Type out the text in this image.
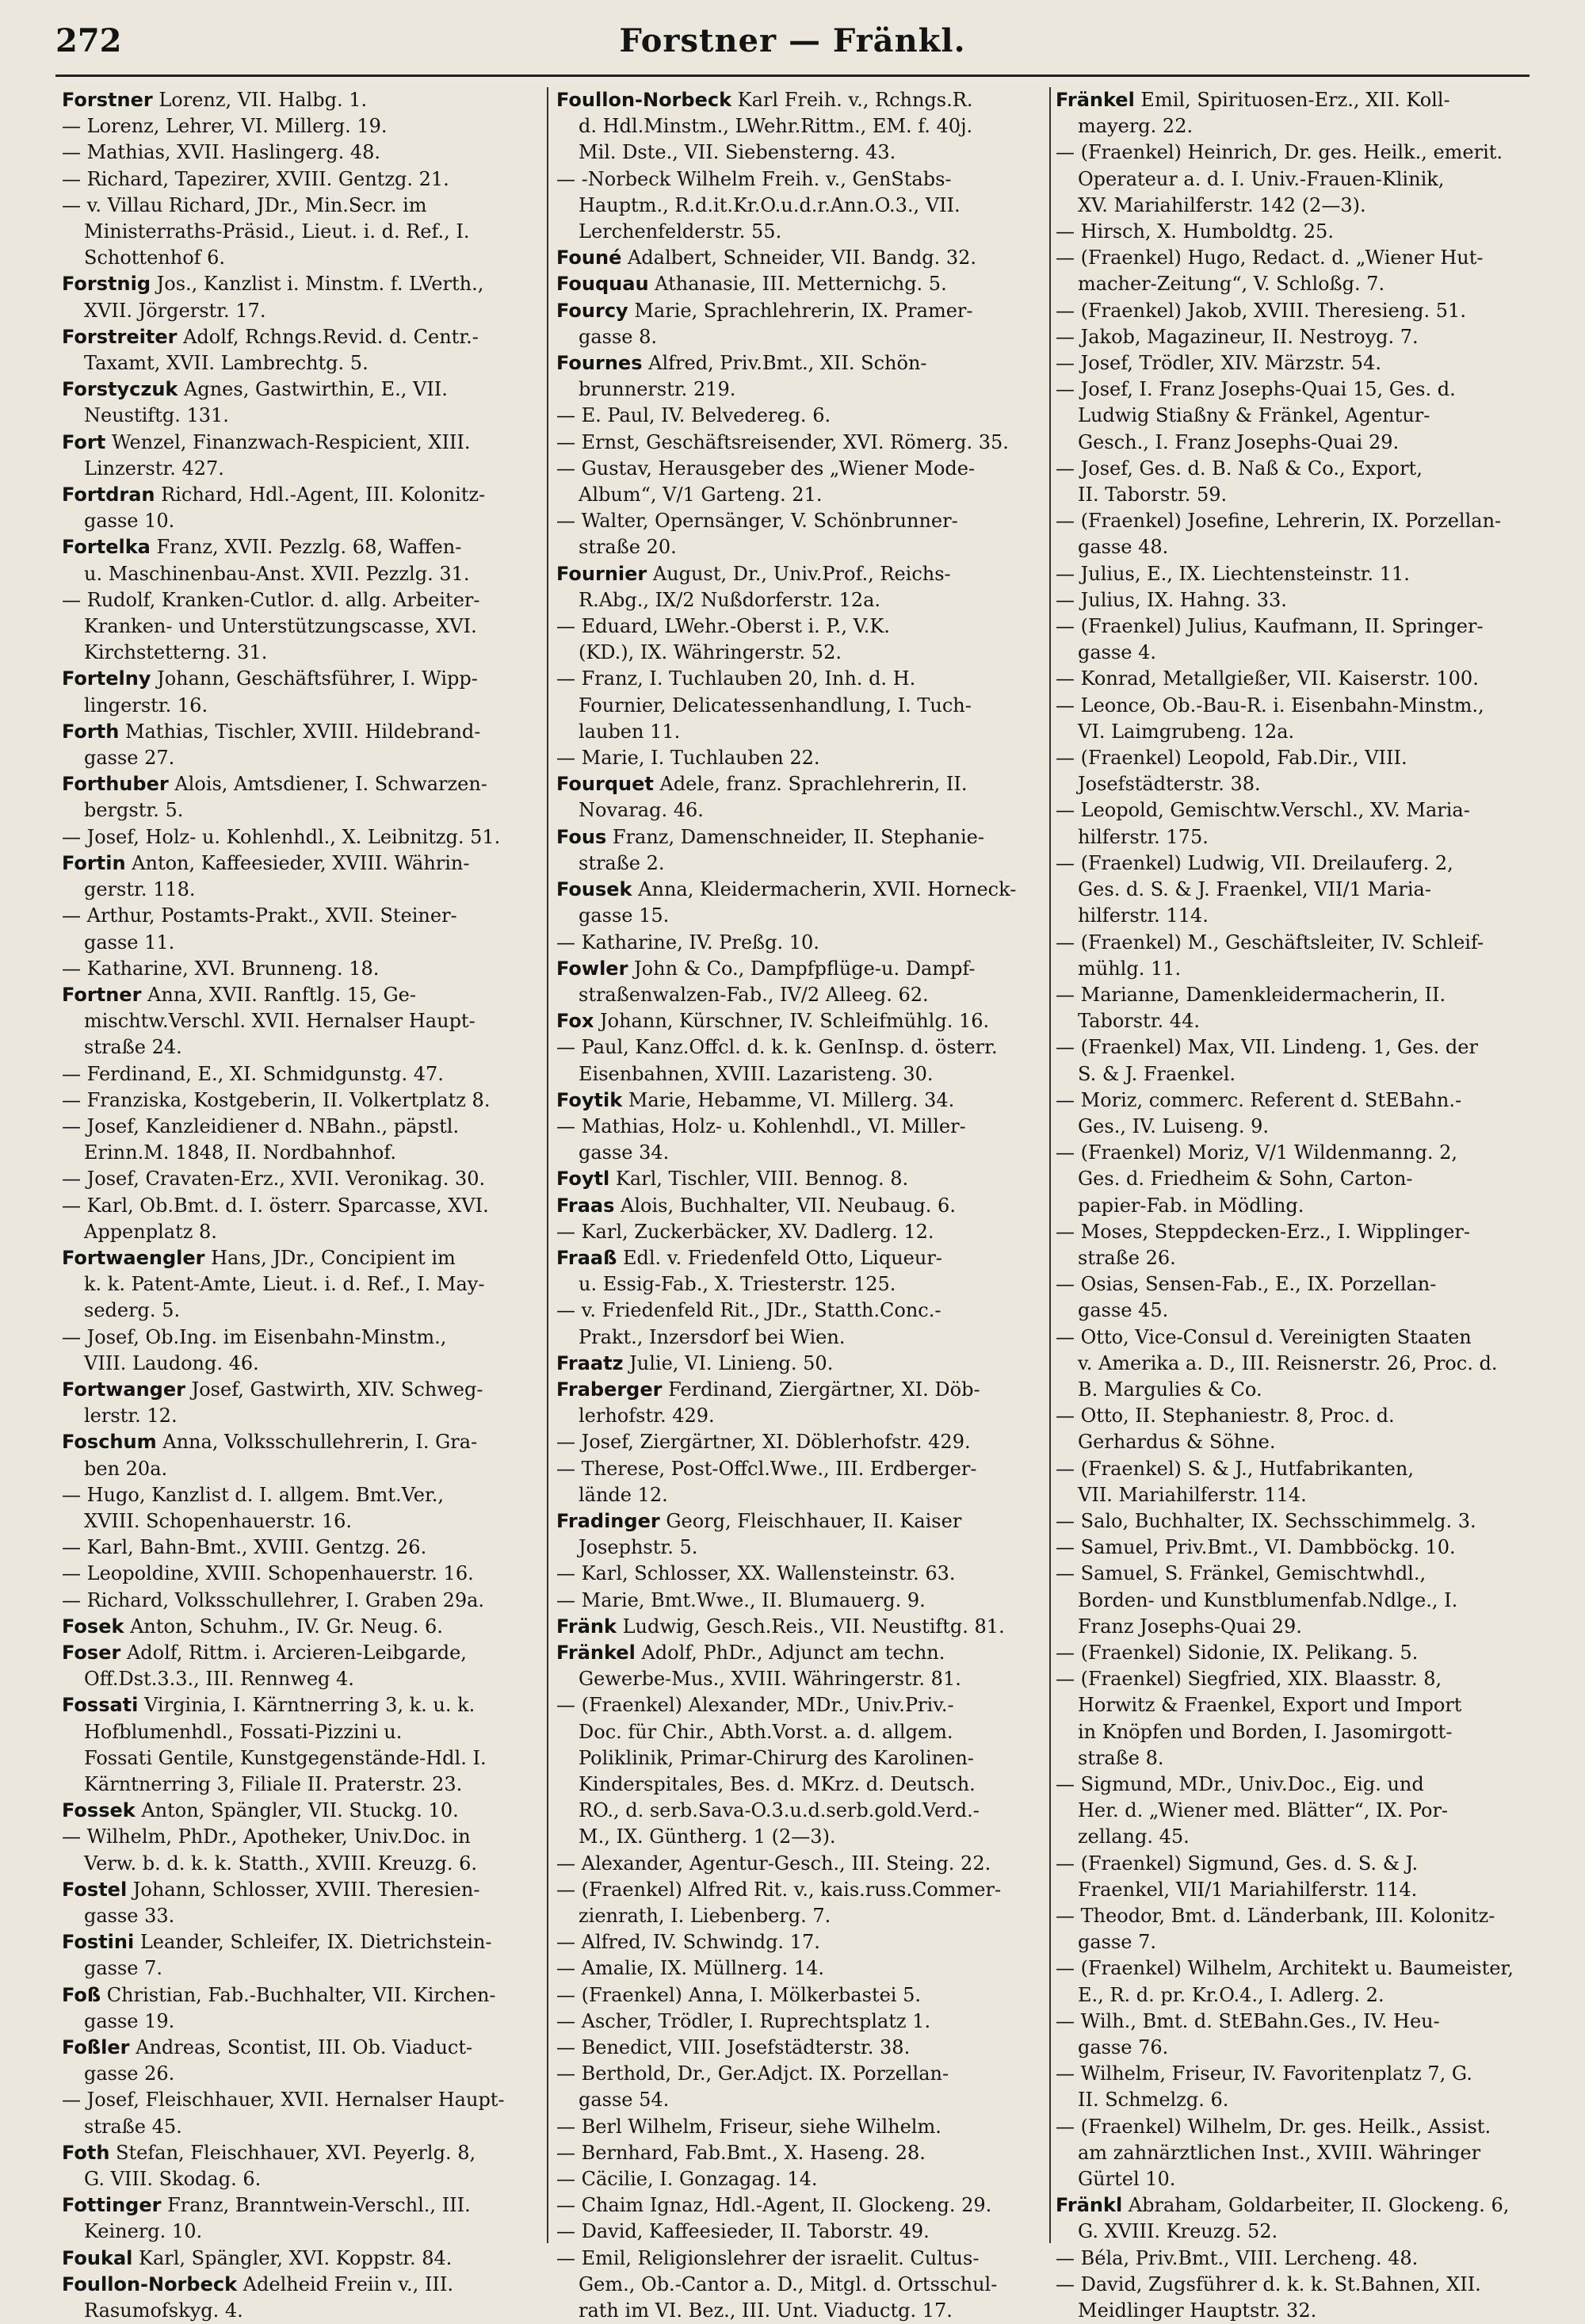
272	Forstner — Fränkl.
Forstner Lorenz, VII. Halbg. 1.
— Lorenz, Lehrer, VI. Millerg. 19.
— Mathias, XVII. Haslingerg. 48.
— Richard, Tapezirer, XVIII. Gentzg. 21.
— v. Villau Richard, JDr., Min.Secr. im
Ministerraths-Präsid., Lieut. i. d. Ref., I.
Schottenhof 6.
Forstnig Jos., Kanzlist i. Minstm. f. LVerth.,
XVII. Jörgerstr. 17.
Forstreiter Adolf, Rchngs.Revid. d. Centr.-
Taxamt, XVII. Lambrechtg. 5.
Forstyczuk Agnes, Gastwirthin, E., VII.
Neustiftg. 131.
Fort Wenzel, Finanzwach-Respicient, XIII.
Linzerstr. 427.
Fortdran Richard, Hdl.-Agent, III. Kolonitz-
gasse 10.
Fortelka Franz, XVII. Pezzlg. 68, Waffen-
u. Maschinenbau-Anst. XVII. Pezzlg. 31.
— Rudolf, Kranken-Cutlor. d. allg. Arbeiter-
Kranken- und Unterstützungscasse, XVI.
Kirchstetterng. 31.
Fortelny Johann, Geschäftsführer, I. Wipp-
lingerstr. 16.
Forth Mathias, Tischler, XVIII. Hildebrand-
gasse 27.
Forthuber Alois, Amtsdiener, I. Schwarzen-
bergstr. 5.
— Josef, Holz- u. Kohlenhdl., X. Leibnitzg. 51.
Fortin Anton, Kaffeesieder, XVIII. Währin-
gerstr. 118.
— Arthur, Postamts-Prakt., XVII. Steiner-
gasse 11.
— Katharine, XVI. Brunneng. 18.
Fortner Anna, XVII. Ranftlg. 15, Ge-
mischtw.Verschl. XVII. Hernalser Haupt-
straße 24.
— Ferdinand, E., XI. Schmidgunstg. 47.
— Franziska, Kostgeberin, II. Volkertplatz 8.
— Josef, Kanzleidiener d. NBahn., päpstl.
Erinn.M. 1848, II. Nordbahnhof.
— Josef, Cravaten-Erz., XVII. Veronikag. 30.
— Karl, Ob.Bmt. d. I. österr. Sparcasse, XVI.
Appenplatz 8.
Fortwaengler Hans, JDr., Concipient im
k. k. Patent-Amte, Lieut. i. d. Ref., I. May-
sederg. 5.
— Josef, Ob.Ing. im Eisenbahn-Minstm.,
VIII. Laudong. 46.
Fortwanger Josef, Gastwirth, XIV. Schweg-
lerstr. 12.
Foschum Anna, Volksschullehrerin, I. Gra-
ben 20a.
— Hugo, Kanzlist d. I. allgem. Bmt.Ver.,
XVIII. Schopenhauerstr. 16.
— Karl, Bahn-Bmt., XVIII. Gentzg. 26.
— Leopoldine, XVIII. Schopenhauerstr. 16.
— Richard, Volksschullehrer, I. Graben 29a.
Fosek Anton, Schuhm., IV. Gr. Neug. 6.
Foser Adolf, Rittm. i. Arcieren-Leibgarde,
Off.Dst.3.3., III. Rennweg 4.
Fossati Virginia, I. Kärntnerring 3, k. u. k.
Hofblumenhdl., Fossati-Pizzini u.
Fossati Gentile, Kunstgegenstände-Hdl. I.
Kärntnerring 3, Filiale II. Praterstr. 23.
Fossek Anton, Spängler, VII. Stuckg. 10.
— Wilhelm, PhDr., Apotheker, Univ.Doc. in
Verw. b. d. k. k. Statth., XVIII. Kreuzg. 6.
Fostel Johann, Schlosser, XVIII. Theresien-
gasse 33.
Fostini Leander, Schleifer, IX. Dietrichstein-
gasse 7.
Foß Christian, Fab.-Buchhalter, VII. Kirchen-
gasse 19.
Foßler Andreas, Scontist, III. Ob. Viaduct-
gasse 26.
— Josef, Fleischhauer, XVII. Hernalser Haupt-
straße 45.
Foth Stefan, Fleischhauer, XVI. Peyerlg. 8,
G. VIII. Skodag. 6.
Fottinger Franz, Branntwein-Verschl., III.
Keinerg. 10.
Foukal Karl, Spängler, XVI. Koppstr. 84.
Foullon-Norbeck Adelheid Freiin v., III.
Rasumofskyg. 4.
Foullon-Norbeck Karl Freih. v., Rchngs.R.
d. Hdl.Minstm., LWehr.Rittm., EM. f. 40j.
Mil. Dste., VII. Siebensterng. 43.
— -Norbeck Wilhelm Freih. v., GenStabs-
Hauptm., R.d.it.Kr.O.u.d.r.Ann.O.3., VII.
Lerchenfelderstr. 55.
Founé Adalbert, Schneider, VII. Bandg. 32.
Fouquau Athanasie, III. Metternichg. 5.
Fourcy Marie, Sprachlehrerin, IX. Pramer-
gasse 8.
Fournes Alfred, Priv.Bmt., XII. Schön-
brunnerstr. 219.
— E. Paul, IV. Belvedereg. 6.
— Ernst, Geschäftsreisender, XVI. Römerg. 35.
— Gustav, Herausgeber des „Wiener Mode-
Album“, V/1 Garteng. 21.
— Walter, Opernsänger, V. Schönbrunner-
straße 20.
Fournier August, Dr., Univ.Prof., Reichs-
R.Abg., IX/2 Nußdorferstr. 12a.
— Eduard, LWehr.-Oberst i. P., V.K.
(KD.), IX. Währingerstr. 52.
— Franz, I. Tuchlauben 20, Inh. d. H.
Fournier, Delicatessenhandlung, I. Tuch-
lauben 11.
— Marie, I. Tuchlauben 22.
Fourquet Adele, franz. Sprachlehrerin, II.
Novarag. 46.
Fous Franz, Damenschneider, II. Stephanie-
straße 2.
Fousek Anna, Kleidermacherin, XVII. Horneck-
gasse 15.
— Katharine, IV. Preßg. 10.
Fowler John & Co., Dampfpflüge-u. Dampf-
straßenwalzen-Fab., IV/2 Alleeg. 62.
Fox Johann, Kürschner, IV. Schleifmühlg. 16.
— Paul, Kanz.Offcl. d. k. k. GenInsp. d. österr.
Eisenbahnen, XVIII. Lazaristeng. 30.
Foytik Marie, Hebamme, VI. Millerg. 34.
— Mathias, Holz- u. Kohlenhdl., VI. Miller-
gasse 34.
Foytl Karl, Tischler, VIII. Bennog. 8.
Fraas Alois, Buchhalter, VII. Neubaug. 6.
— Karl, Zuckerbäcker, XV. Dadlerg. 12.
Fraaß Edl. v. Friedenfeld Otto, Liqueur-
u. Essig-Fab., X. Triesterstr. 125.
— v. Friedenfeld Rit., JDr., Statth.Conc.-
Prakt., Inzersdorf bei Wien.
Fraatz Julie, VI. Linieng. 50.
Fraberger Ferdinand, Ziergärtner, XI. Döb-
lerhofstr. 429.
— Josef, Ziergärtner, XI. Döblerhofstr. 429.
— Therese, Post-Offcl.Wwe., III. Erdberger-
lände 12.
Fradinger Georg, Fleischhauer, II. Kaiser
Josephstr. 5.
— Karl, Schlosser, XX. Wallensteinstr. 63.
— Marie, Bmt.Wwe., II. Blumauerg. 9.
Fränk Ludwig, Gesch.Reis., VII. Neustiftg. 81.
Fränkel Adolf, PhDr., Adjunct am techn.
Gewerbe-Mus., XVIII. Währingerstr. 81.
— (Fraenkel) Alexander, MDr., Univ.Priv.-
Doc. für Chir., Abth.Vorst. a. d. allgem.
Poliklinik, Primar-Chirurg des Karolinen-
Kinderspitales, Bes. d. MKrz. d. Deutsch.
RO., d. serb.Sava-O.3.u.d.serb.gold.Verd.-
M., IX. Güntherg. 1 (2—3).
— Alexander, Agentur-Gesch., III. Steing. 22.
— (Fraenkel) Alfred Rit. v., kais.russ.Commer-
zienrath, I. Liebenberg. 7.
— Alfred, IV. Schwindg. 17.
— Amalie, IX. Müllnerg. 14.
— (Fraenkel) Anna, I. Mölkerbastei 5.
— Ascher, Trödler, I. Ruprechtsplatz 1.
— Benedict, VIII. Josefstädterstr. 38.
— Berthold, Dr., Ger.Adjct. IX. Porzellan-
gasse 54.
— Berl Wilhelm, Friseur, siehe Wilhelm.
— Bernhard, Fab.Bmt., X. Haseng. 28.
— Cäcilie, I. Gonzagag. 14.
— Chaim Ignaz, Hdl.-Agent, II. Glockeng. 29.
— David, Kaffeesieder, II. Taborstr. 49.
— Emil, Religionslehrer der israelit. Cultus-
Gem., Ob.-Cantor a. D., Mitgl. d. Ortsschul-
rath im VI. Bez., III. Unt. Viaductg. 17.
Fränkel Emil, Spirituosen-Erz., XII. Koll-
mayerg. 22.
— (Fraenkel) Heinrich, Dr. ges. Heilk., emerit.
Operateur a. d. I. Univ.-Frauen-Klinik,
XV. Mariahilferstr. 142 (2—3).
— Hirsch, X. Humboldtg. 25.
— (Fraenkel) Hugo, Redact. d. „Wiener Hut-
macher-Zeitung“, V. Schloßg. 7.
— (Fraenkel) Jakob, XVIII. Theresieng. 51.
— Jakob, Magazineur, II. Nestroyg. 7.
— Josef, Trödler, XIV. Märzstr. 54.
— Josef, I. Franz Josephs-Quai 15, Ges. d.
Ludwig Stiaßny & Fränkel, Agentur-
Gesch., I. Franz Josephs-Quai 29.
— Josef, Ges. d. B. Naß & Co., Export,
II. Taborstr. 59.
— (Fraenkel) Josefine, Lehrerin, IX. Porzellan-
gasse 48.
— Julius, E., IX. Liechtensteinstr. 11.
— Julius, IX. Hahng. 33.
— (Fraenkel) Julius, Kaufmann, II. Springer-
gasse 4.
— Konrad, Metallgießer, VII. Kaiserstr. 100.
— Leonce, Ob.-Bau-R. i. Eisenbahn-Minstm.,
VI. Laimgrubeng. 12a.
— (Fraenkel) Leopold, Fab.Dir., VIII.
Josefstädterstr. 38.
— Leopold, Gemischtw.Verschl., XV. Maria-
hilferstr. 175.
— (Fraenkel) Ludwig, VII. Dreilauferg. 2,
Ges. d. S. & J. Fraenkel, VII/1 Maria-
hilferstr. 114.
— (Fraenkel) M., Geschäftsleiter, IV. Schleif-
mühlg. 11.
— Marianne, Damenkleidermacherin, II.
Taborstr. 44.
— (Fraenkel) Max, VII. Lindeng. 1, Ges. der
S. & J. Fraenkel.
— Moriz, commerc. Referent d. StEBahn.-
Ges., IV. Luiseng. 9.
— (Fraenkel) Moriz, V/1 Wildenmanng. 2,
Ges. d. Friedheim & Sohn, Carton-
papier-Fab. in Mödling.
— Moses, Steppdecken-Erz., I. Wipplinger-
straße 26.
— Osias, Sensen-Fab., E., IX. Porzellan-
gasse 45.
— Otto, Vice-Consul d. Vereinigten Staaten
v. Amerika a. D., III. Reisnerstr. 26, Proc. d.
B. Margulies & Co.
— Otto, II. Stephaniestr. 8, Proc. d.
Gerhardus & Söhne.
— (Fraenkel) S. & J., Hutfabrikanten,
VII. Mariahilferstr. 114.
— Salo, Buchhalter, IX. Sechsschimmelg. 3.
— Samuel, Priv.Bmt., VI. Dambböckg. 10.
— Samuel, S. Fränkel, Gemischtwhdl.,
Borden- und Kunstblumenfab.Ndlge., I.
Franz Josephs-Quai 29.
— (Fraenkel) Sidonie, IX. Pelikang. 5.
— (Fraenkel) Siegfried, XIX. Blaasstr. 8,
Horwitz & Fraenkel, Export und Import
in Knöpfen und Borden, I. Jasomirgott-
straße 8.
— Sigmund, MDr., Univ.Doc., Eig. und
Her. d. „Wiener med. Blätter“, IX. Por-
zellang. 45.
— (Fraenkel) Sigmund, Ges. d. S. & J.
Fraenkel, VII/1 Mariahilferstr. 114.
— Theodor, Bmt. d. Länderbank, III. Kolonitz-
gasse 7.
— (Fraenkel) Wilhelm, Architekt u. Baumeister,
E., R. d. pr. Kr.O.4., I. Adlerg. 2.
— Wilh., Bmt. d. StEBahn.Ges., IV. Heu-
gasse 76.
— Wilhelm, Friseur, IV. Favoritenplatz 7, G.
II. Schmelzg. 6.
— (Fraenkel) Wilhelm, Dr. ges. Heilk., Assist.
am zahnärztlichen Inst., XVIII. Währinger
Gürtel 10.
Fränkl Abraham, Goldarbeiter, II. Glockeng. 6,
G. XVIII. Kreuzg. 52.
— Béla, Priv.Bmt., VIII. Lercheng. 48.
— David, Zugsführer d. k. k. St.Bahnen, XII.
Meidlinger Hauptstr. 32.
